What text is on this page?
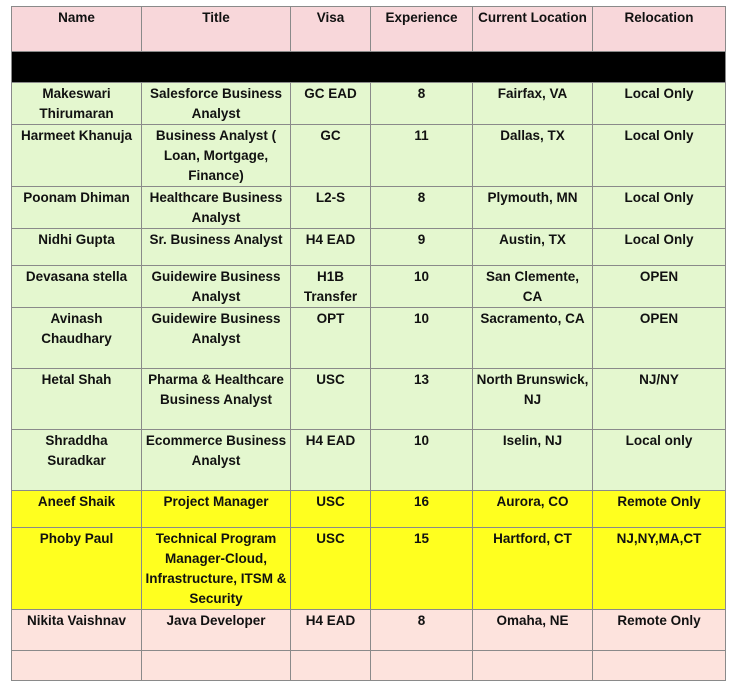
Name	Title	Visa	Experience	Current Location	Relocation

Makeswari Thirumaran	Salesforce Business Analyst	GC EAD	8	Fairfax, VA	Local Only

Harmeet Khanuja	Business Analyst ( Loan, Mortgage, Finance)	GC	11	Dallas, TX	Local Only

Poonam Dhiman	Healthcare Business Analyst	L2-S	8	Plymouth, MN	Local Only

Nidhi Gupta	Sr. Business Analyst	H4 EAD	9	Austin, TX	Local Only

Devasana stella	Guidewire Business Analyst	H1B Transfer	10	San Clemente, CA	OPEN

Avinash Chaudhary	Guidewire Business Analyst	OPT	10	Sacramento, CA	OPEN

Hetal Shah	Pharma & Healthcare Business Analyst	USC	13	North Brunswick, NJ	NJ/NY

Shraddha Suradkar	Ecommerce Business Analyst	H4 EAD	10	Iselin, NJ	Local only

Aneef Shaik	Project Manager	USC	16	Aurora, CO	Remote Only

Phoby Paul	Technical Program Manager-Cloud, Infrastructure, ITSM & Security	USC	15	Hartford, CT	NJ,NY,MA,CT

Nikita Vaishnav	Java Developer	H4 EAD	8	Omaha, NE	Remote Only
